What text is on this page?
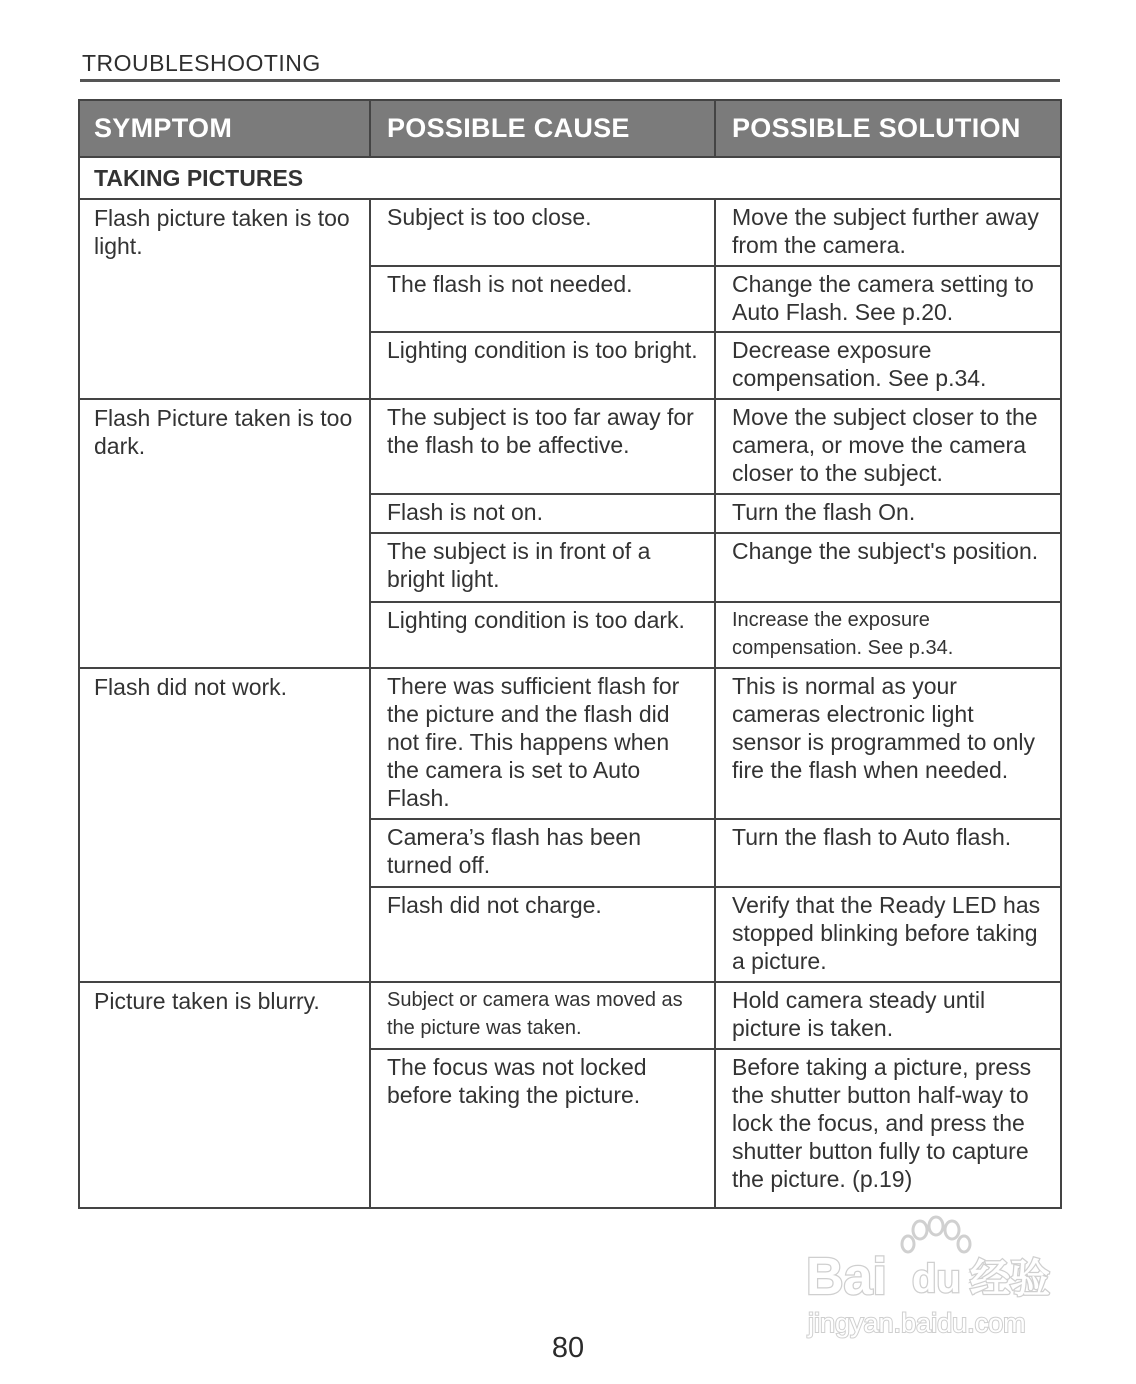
TROUBLESHOOTING
SYMPTOM	POSSIBLE CAUSE	POSSIBLE SOLUTION
TAKING PICTURES		
Flash picture taken is too light.	Subject is too close.	Move the subject further away from the camera.
	The flash is not needed.	Change the camera setting to Auto Flash. See p.20.
	Lighting condition is too bright.	Decrease exposure compensation. See p.34.
Flash Picture taken is too dark.	The subject is too far away for the flash to be affective.	Move the subject closer to the camera, or move the camera closer to the subject.
	Flash is not on.	Turn the flash On.
	The subject is in front of a bright light.	Change the subject's position.
	Lighting condition is too dark.	Increase the exposure compensation. See p.34.
Flash did not work.	There was sufficient flash for the picture and the flash did not fire. This happens when the camera is set to Auto Flash.	This is normal as your cameras electronic light sensor is programmed to only fire the flash when needed.
	Camera’s flash has been turned off.	Turn the flash to Auto flash.
	Flash did not charge.	Verify that the Ready LED has stopped blinking before taking a picture.
Picture taken is blurry.	Subject or camera was moved as the picture was taken.	Hold camera steady until picture is taken.
	The focus was not locked before taking the picture.	Before taking a picture, press the shutter button half-way to lock the focus, and press the shutter button fully to capture the picture. (p.19)
Bai du 经验
jingyan.baidu.com
80
